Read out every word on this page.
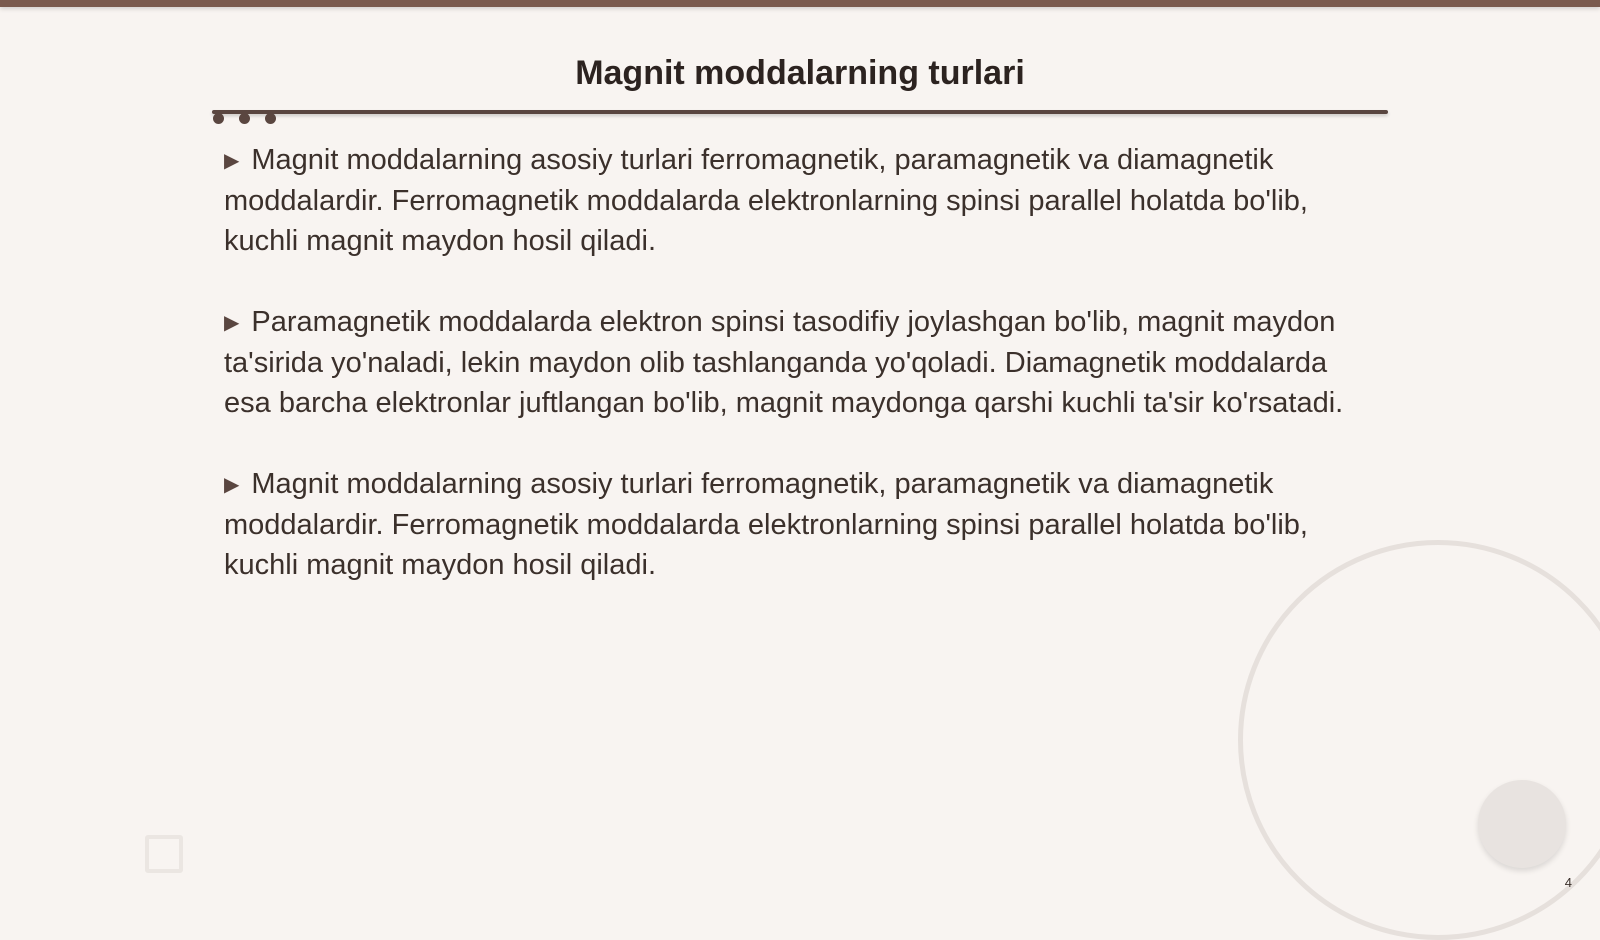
Magnit moddalarning turlari

▶ Magnit moddalarning asosiy turlari ferromagnetik, paramagnetik va diamagnetik moddalardir. Ferromagnetik moddalarda elektronlarning spinsi parallel holatda bo'lib, kuchli magnit maydon hosil qiladi.

▶ Paramagnetik moddalarda elektron spinsi tasodifiy joylashgan bo'lib, magnit maydon ta'sirida yo'naladi, lekin maydon olib tashlanganda yo'qoladi. Diamagnetik moddalarda esa barcha elektronlar juftlangan bo'lib, magnit maydonga qarshi kuchli ta'sir ko'rsatadi.

▶ Magnit moddalarning asosiy turlari ferromagnetik, paramagnetik va diamagnetik moddalardir. Ferromagnetik moddalarda elektronlarning spinsi parallel holatda bo'lib, kuchli magnit maydon hosil qiladi.

4
